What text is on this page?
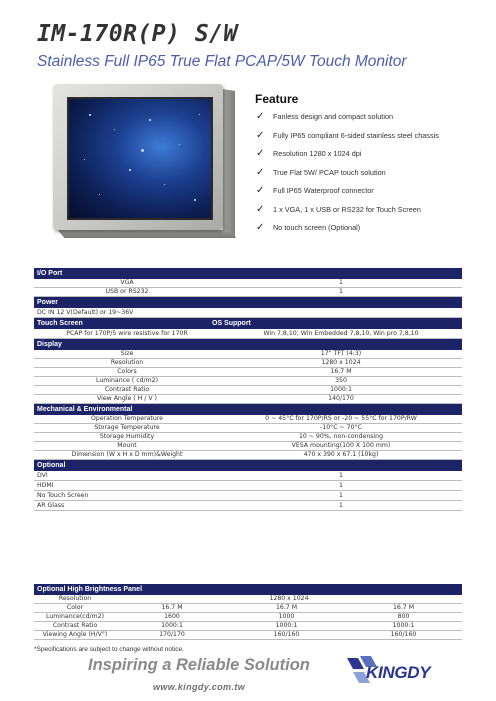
IM-170R(P) S/W
Stainless Full IP65 True Flat PCAP/5W Touch Monitor
Feature
✓ Fanless design and compact solution
✓ Fully IP65 compliant 6-sided stainless steel chassis
✓ Resolution 1280 x 1024 dpi
✓ True Flat 5W/ PCAP touch solution
✓ Full IP65 Waterproof connector
✓ 1 x VGA, 1 x USB or RS232 for Touch Screen
✓ No touch screen (Optional)
I/O Port
VGA	1
USB or RS232	1
Power
DC IN 12 V(Default) or 19~36V
Touch Screen	OS Support
PCAP for 170P/5 wire resistive for 170R	Win 7,8,10; Win Embedded 7,8,10, Win pro 7,8,10
Display
Size	17" TFT (4:3)
Resolution	1280 x 1024
Colors	16.7 M
Luminance ( cd/m2)	350
Contrast Ratio	1000:1
View Angle ( H / V )	140/170
Mechanical & Environmental
Operation Temperature	0 ~ 45°C for 170P/RS or -20 ~ 55°C for 170P/RW
Storage Temperature	-10°C ~ 70°C
Storage Humidity	10 ~ 90%, non-condensing
Mount	VESA mounting(100 X 100 mm)
Dimension (W x H x D mm)&Weight	470 x 390 x 67.1 (10kg)
Optional
DVI	1
HDMI	1
No Touch Screen	1
AR Glass	1
Optional High Brightness Panel
Resolution	1280 x 1024
Color	16.7 M	16.7 M	16.7 M
Luminance(cd/m2)	1600	1000	800
Contrast Ratio	1000:1	1000:1	1000:1
Viewing Angle (H/V°)	170/170	160/160	160/160
*Specifications are subject to change without notice.
Inspiring a Reliable Solution
www.kingdy.com.tw
KINGDY
